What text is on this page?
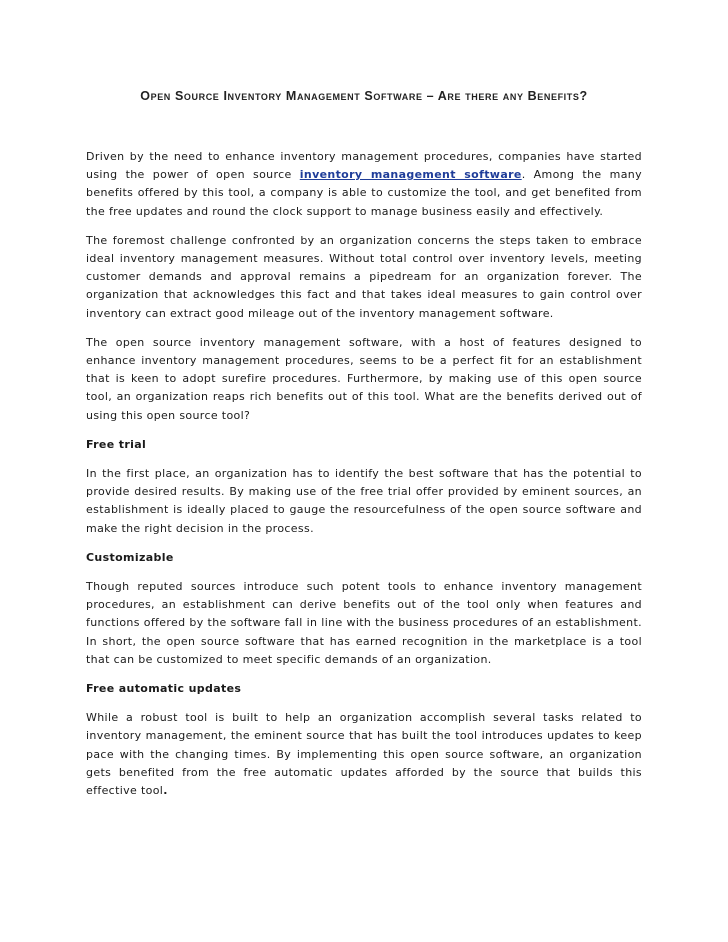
Open Source Inventory Management Software – Are there any Benefits?

Driven by the need to enhance inventory management procedures, companies have started using the power of open source inventory management software. Among the many benefits offered by this tool, a company is able to customize the tool, and get benefited from the free updates and round the clock support to manage business easily and effectively.

The foremost challenge confronted by an organization concerns the steps taken to embrace ideal inventory management measures. Without total control over inventory levels, meeting customer demands and approval remains a pipedream for an organization forever. The organization that acknowledges this fact and that takes ideal measures to gain control over inventory can extract good mileage out of the inventory management software.

The open source inventory management software, with a host of features designed to enhance inventory management procedures, seems to be a perfect fit for an establishment that is keen to adopt surefire procedures. Furthermore, by making use of this open source tool, an organization reaps rich benefits out of this tool. What are the benefits derived out of using this open source tool?

Free trial

In the first place, an organization has to identify the best software that has the potential to provide desired results. By making use of the free trial offer provided by eminent sources, an establishment is ideally placed to gauge the resourcefulness of the open source software and make the right decision in the process.

Customizable

Though reputed sources introduce such potent tools to enhance inventory management procedures, an establishment can derive benefits out of the tool only when features and functions offered by the software fall in line with the business procedures of an establishment. In short, the open source software that has earned recognition in the marketplace is a tool that can be customized to meet specific demands of an organization.

Free automatic updates

While a robust tool is built to help an organization accomplish several tasks related to inventory management, the eminent source that has built the tool introduces updates to keep pace with the changing times. By implementing this open source software, an organization gets benefited from the free automatic updates afforded by the source that builds this effective tool.
